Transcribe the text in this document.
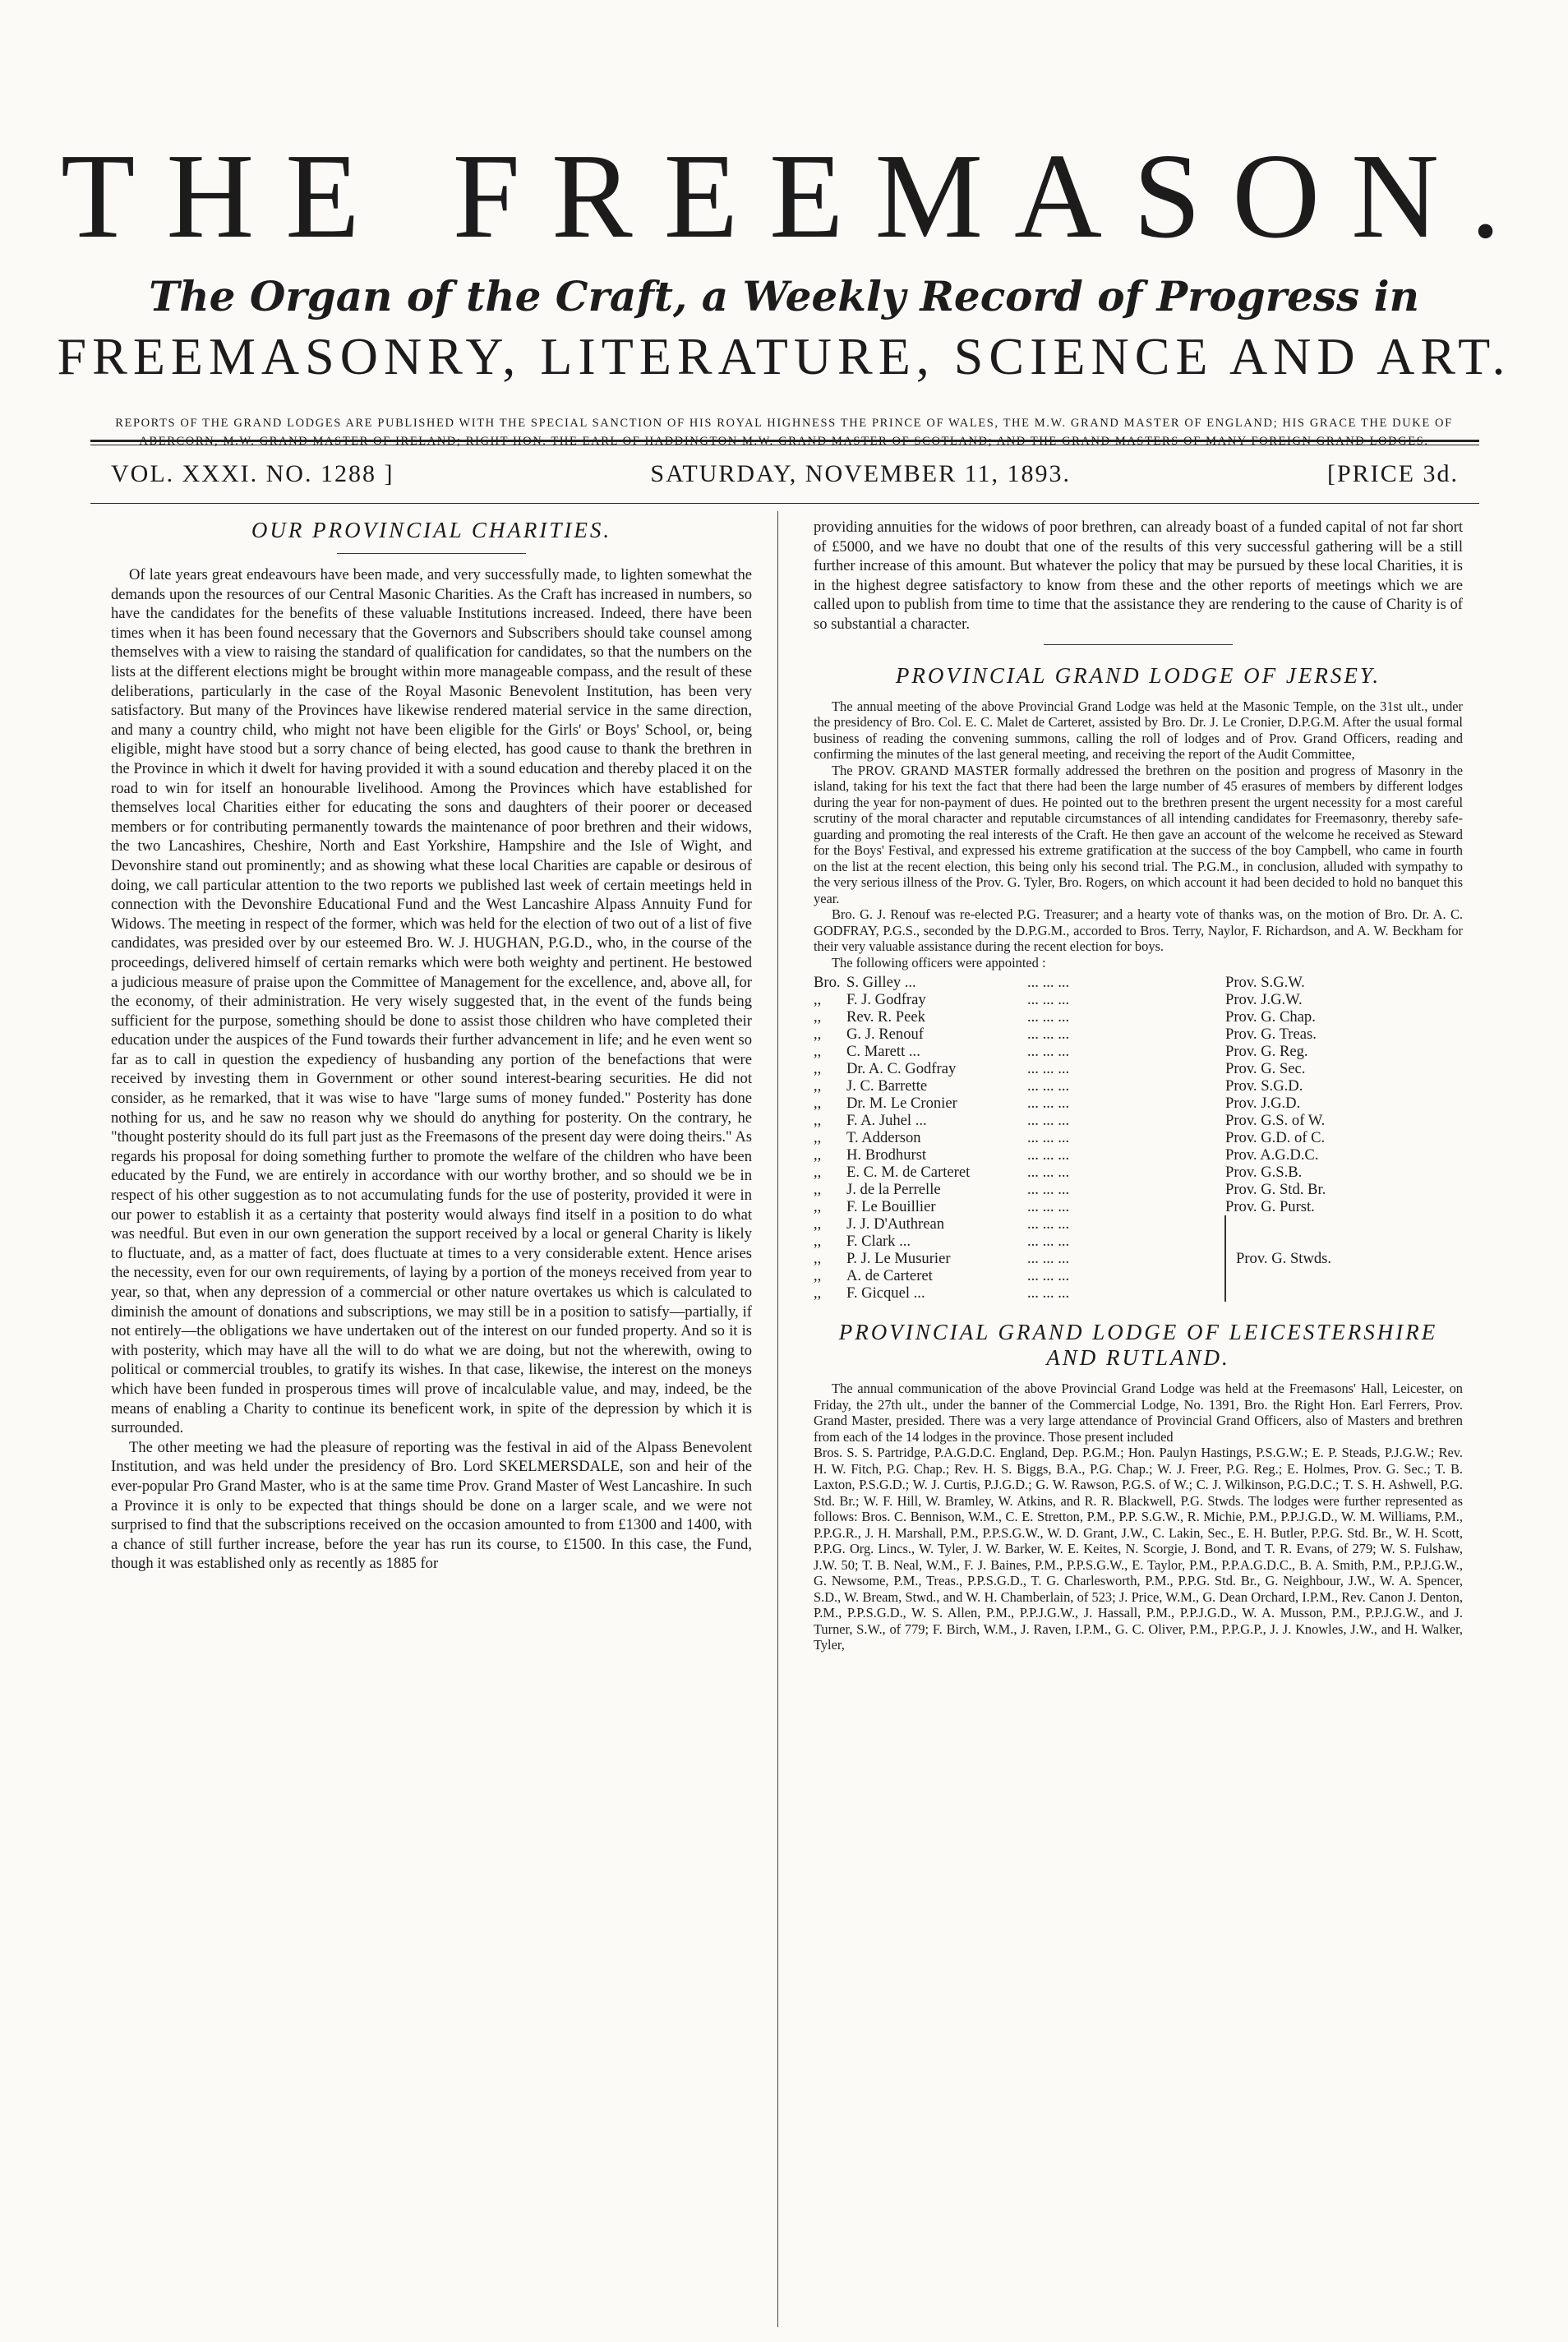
THE FREEMASON.
The Organ of the Craft, a Weekly Record of Progress in
FREEMASONRY, LITERATURE, SCIENCE AND ART.
REPORTS OF THE GRAND LODGES ARE PUBLISHED WITH THE SPECIAL SANCTION OF HIS ROYAL HIGHNESS THE PRINCE OF WALES, THE M.W. GRAND MASTER OF ENGLAND; HIS GRACE THE DUKE OF ABERCORN, M.W. GRAND MASTER OF IRELAND; RIGHT HON. THE EARL OF HADDINGTON M.W. GRAND MASTER OF SCOTLAND; AND THE GRAND MASTERS OF MANY FOREIGN GRAND LODGES.
VOL. XXXI. NO. 1288 ]	SATURDAY, NOVEMBER 11, 1893.	[PRICE 3d.
OUR PROVINCIAL CHARITIES.

Of late years great endeavours have been made, and very successfully made, to lighten somewhat the demands upon the resources of our Central Masonic Charities. As the Craft has increased in numbers, so have the candidates for the benefits of these valuable Institutions increased. Indeed, there have been times when it has been found necessary that the Governors and Subscribers should take counsel among themselves with a view to raising the standard of qualification for candidates, so that the numbers on the lists at the different elections might be brought within more manageable compass, and the result of these deliberations, particularly in the case of the Royal Masonic Benevolent Institution, has been very satisfactory. But many of the Provinces have likewise rendered material service in the same direction, and many a country child, who might not have been eligible for the Girls' or Boys' School, or, being eligible, might have stood but a sorry chance of being elected, has good cause to thank the brethren in the Province in which it dwelt for having provided it with a sound education and thereby placed it on the road to win for itself an honourable livelihood. Among the Provinces which have established for themselves local Charities either for educating the sons and daughters of their poorer or deceased members or for contributing permanently towards the maintenance of poor brethren and their widows, the two Lancashires, Cheshire, North and East Yorkshire, Hampshire and the Isle of Wight, and Devonshire stand out prominently; and as showing what these local Charities are capable or desirous of doing, we call particular attention to the two reports we published last week of certain meetings held in connection with the Devonshire Educational Fund and the West Lancashire Alpass Annuity Fund for Widows. The meeting in respect of the former, which was held for the election of two out of a list of five candidates, was presided over by our esteemed Bro. W. J. HUGHAN, P.G.D., who, in the course of the proceedings, delivered himself of certain remarks which were both weighty and pertinent. He bestowed a judicious measure of praise upon the Committee of Management for the excellence, and, above all, for the economy, of their administration. He very wisely suggested that, in the event of the funds being sufficient for the purpose, something should be done to assist those children who have completed their education under the auspices of the Fund towards their further advancement in life; and he even went so far as to call in question the expediency of husbanding any portion of the benefactions that were received by investing them in Government or other sound interest-bearing securities. He did not consider, as he remarked, that it was wise to have "large sums of money funded." Posterity has done nothing for us, and he saw no reason why we should do anything for posterity. On the contrary, he "thought posterity should do its full part just as the Freemasons of the present day were doing theirs." As regards his proposal for doing something further to promote the welfare of the children who have been educated by the Fund, we are entirely in accordance with our worthy brother, and so should we be in respect of his other suggestion as to not accumulating funds for the use of posterity, provided it were in our power to establish it as a certainty that posterity would always find itself in a position to do what was needful. But even in our own generation the support received by a local or general Charity is likely to fluctuate, and, as a matter of fact, does fluctuate at times to a very considerable extent. Hence arises the necessity, even for our own requirements, of laying by a portion of the moneys received from year to year, so that, when any depression of a commercial or other nature overtakes us which is calculated to diminish the amount of donations and subscriptions, we may still be in a position to satisfy—partially, if not entirely—the obligations we have undertaken out of the interest on our funded property. And so it is with posterity, which may have all the will to do what we are doing, but not the wherewith, owing to political or commercial troubles, to gratify its wishes. In that case, likewise, the interest on the moneys which have been funded in prosperous times will prove of incalculable value, and may, indeed, be the means of enabling a Charity to continue its beneficent work, in spite of the depression by which it is surrounded.

The other meeting we had the pleasure of reporting was the festival in aid of the Alpass Benevolent Institution, and was held under the presidency of Bro. Lord SKELMERSDALE, son and heir of the ever-popular Pro Grand Master, who is at the same time Prov. Grand Master of West Lancashire. In such a Province it is only to be expected that things should be done on a larger scale, and we were not surprised to find that the subscriptions received on the occasion amounted to from £1300 and 1400, with a chance of still further increase, before the year has run its course, to £1500. In this case, the Fund, though it was established only as recently as 1885 for

providing annuities for the widows of poor brethren, can already boast of a funded capital of not far short of £5000, and we have no doubt that one of the results of this very successful gathering will be a still further increase of this amount. But whatever the policy that may be pursued by these local Charities, it is in the highest degree satisfactory to know from these and the other reports of meetings which we are called upon to publish from time to time that the assistance they are rendering to the cause of Charity is of so substantial a character.

PROVINCIAL GRAND LODGE OF JERSEY.

The annual meeting of the above Provincial Grand Lodge was held at the Masonic Temple, on the 31st ult., under the presidency of Bro. Col. E. C. Malet de Carteret, assisted by Bro. Dr. J. Le Cronier, D.P.G.M. After the usual formal business of reading the convening summons, calling the roll of lodges and of Prov. Grand Officers, reading and confirming the minutes of the last general meeting, and receiving the report of the Audit Committee,

The PROV. GRAND MASTER formally addressed the brethren on the position and progress of Masonry in the island, taking for his text the fact that there had been the large number of 45 erasures of members by different lodges during the year for non-payment of dues. He pointed out to the brethren present the urgent necessity for a most careful scrutiny of the moral character and reputable circumstances of all intending candidates for Freemasonry, thereby safe-guarding and promoting the real interests of the Craft. He then gave an account of the welcome he received as Steward for the Boys' Festival, and expressed his extreme gratification at the success of the boy Campbell, who came in fourth on the list at the recent election, this being only his second trial. The P.G.M., in conclusion, alluded with sympathy to the very serious illness of the Prov. G. Tyler, Bro. Rogers, on which account it had been decided to hold no banquet this year.

Bro. G. J. Renouf was re-elected P.G. Treasurer; and a hearty vote of thanks was, on the motion of Bro. Dr. A. C. GODFRAY, P.G.S., seconded by the D.P.G.M., accorded to Bros. Terry, Naylor, F. Richardson, and A. W. Beckham for their very valuable assistance during the recent election for boys.

The following officers were appointed :

Bro.	S. Gilley ...	... ... ...	Prov. S.G.W.
,,	F. J. Godfray	... ... ...	Prov. J.G.W.
,,	Rev. R. Peek	... ... ...	Prov. G. Chap.
,,	G. J. Renouf	... ... ...	Prov. G. Treas.
,,	C. Marett ...	... ... ...	Prov. G. Reg.
,,	Dr. A. C. Godfray	... ... ...	Prov. G. Sec.
,,	J. C. Barrette	... ... ...	Prov. S.G.D.
,,	Dr. M. Le Cronier	... ... ...	Prov. J.G.D.
,,	F. A. Juhel ...	... ... ...	Prov. G.S. of W.
,,	T. Adderson	... ... ...	Prov. G.D. of C.
,,	H. Brodhurst	... ... ...	Prov. A.G.D.C.
,,	E. C. M. de Carteret	... ... ...	Prov. G.S.B.
,,	J. de la Perrelle	... ... ...	Prov. G. Std. Br.
,,	F. Le Bouillier	... ... ...	Prov. G. Purst.
,,	J. J. D'Authrean	... ... ...	Prov. G. Stwds.
,,	F. Clark ...	... ... ...	
,,	P. J. Le Musurier	... ... ...	
,,	A. de Carteret	... ... ...	
,,	F. Gicquel ...	... ... ...	
PROVINCIAL GRAND LODGE OF LEICESTERSHIRE AND RUTLAND.

The annual communication of the above Provincial Grand Lodge was held at the Freemasons' Hall, Leicester, on Friday, the 27th ult., under the banner of the Commercial Lodge, No. 1391, Bro. the Right Hon. Earl Ferrers, Prov. Grand Master, presided. There was a very large attendance of Provincial Grand Officers, also of Masters and brethren from each of the 14 lodges in the province. Those present included

Bros. S. S. Partridge, P.A.G.D.C. England, Dep. P.G.M.; Hon. Paulyn Hastings, P.S.G.W.; E. P. Steads, P.J.G.W.; Rev. H. W. Fitch, P.G. Chap.; Rev. H. S. Biggs, B.A., P.G. Chap.; W. J. Freer, P.G. Reg.; E. Holmes, Prov. G. Sec.; T. B. Laxton, P.S.G.D.; W. J. Curtis, P.J.G.D.; G. W. Rawson, P.G.S. of W.; C. J. Wilkinson, P.G.D.C.; T. S. H. Ashwell, P.G. Std. Br.; W. F. Hill, W. Bramley, W. Atkins, and R. R. Blackwell, P.G. Stwds. The lodges were further represented as follows: Bros. C. Bennison, W.M., C. E. Stretton, P.M., P.P. S.G.W., R. Michie, P.M., P.P.J.G.D., W. M. Williams, P.M., P.P.G.R., J. H. Marshall, P.M., P.P.S.G.W., W. D. Grant, J.W., C. Lakin, Sec., E. H. Butler, P.P.G. Std. Br., W. H. Scott, P.P.G. Org. Lincs., W. Tyler, J. W. Barker, W. E. Keites, N. Scorgie, J. Bond, and T. R. Evans, of 279; W. S. Fulshaw, J.W. 50; T. B. Neal, W.M., F. J. Baines, P.M., P.P.S.G.W., E. Taylor, P.M., P.P.A.G.D.C., B. A. Smith, P.M., P.P.J.G.W., G. Newsome, P.M., Treas., P.P.S.G.D., T. G. Charlesworth, P.M., P.P.G. Std. Br., G. Neighbour, J.W., W. A. Spencer, S.D., W. Bream, Stwd., and W. H. Chamberlain, of 523; J. Price, W.M., G. Dean Orchard, I.P.M., Rev. Canon J. Denton, P.M., P.P.S.G.D., W. S. Allen, P.M., P.P.J.G.W., J. Hassall, P.M., P.P.J.G.D., W. A. Musson, P.M., P.P.J.G.W., and J. Turner, S.W., of 779; F. Birch, W.M., J. Raven, I.P.M., G. C. Oliver, P.M., P.P.G.P., J. J. Knowles, J.W., and H. Walker, Tyler,
